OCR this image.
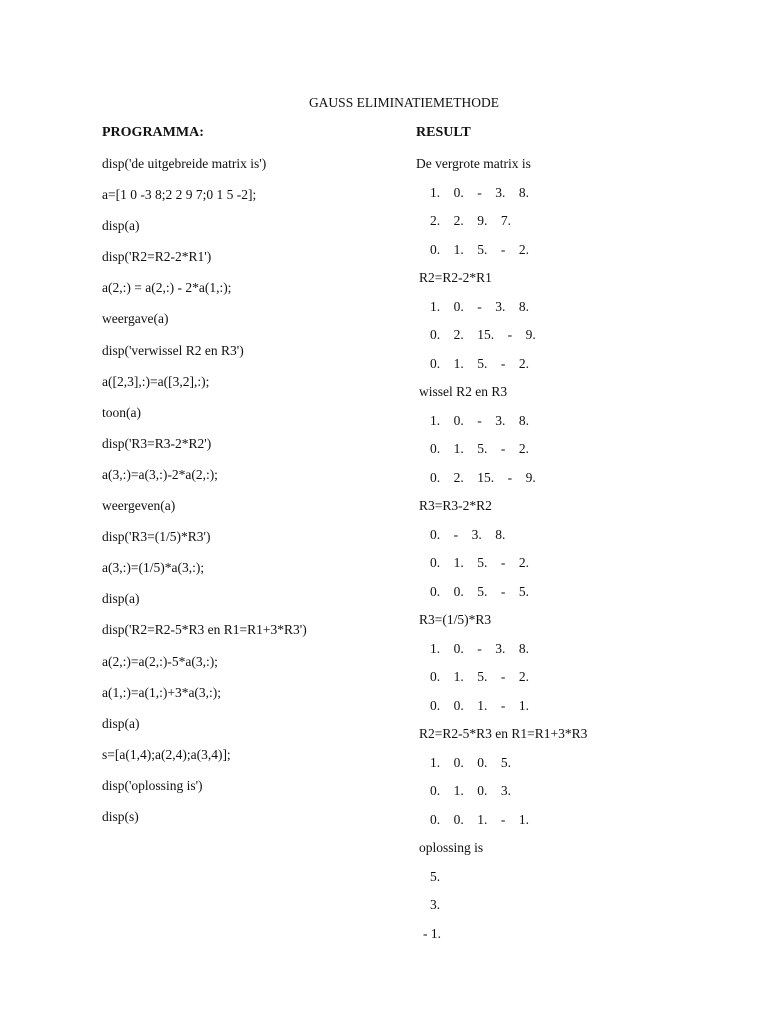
GAUSS ELIMINATIEMETHODE
PROGRAMMA:
disp('de uitgebreide matrix is')
a=[1 0 -3 8;2 2 9 7;0 1 5 -2];
disp(a)
disp('R2=R2-2*R1')
a(2,:) = a(2,:) - 2*a(1,:);
weergave(a)
disp('verwissel R2 en R3')
a([2,3],:)=a([3,2],:);
toon(a)
disp('R3=R3-2*R2')
a(3,:)=a(3,:)-2*a(2,:);
weergeven(a)
disp('R3=(1/5)*R3')
a(3,:)=(1/5)*a(3,:);
disp(a)
disp('R2=R2-5*R3 en R1=R1+3*R3')
a(2,:)=a(2,:)-5*a(3,:);
a(1,:)=a(1,:)+3*a(3,:);
disp(a)
s=[a(1,4);a(2,4);a(3,4)];
disp('oplossing is')
disp(s)
RESULT
De vergrote matrix is
1.    0.    -    3.    8.
2.    2.    9.    7.
0.    1.    5.    -    2.
R2=R2-2*R1
1.    0.    -    3.    8.
0.    2.    15.    -    9.
0.    1.    5.    -    2.
wissel R2 en R3
1.    0.    -    3.    8.
0.    1.    5.    -    2.
0.    2.    15.    -    9.
R3=R3-2*R2
0.    -    3.    8.
0.    1.    5.    -    2.
0.    0.    5.    -    5.
R3=(1/5)*R3
1.    0.    -    3.    8.
0.    1.    5.    -    2.
0.    0.    1.    -    1.
R2=R2-5*R3 en R1=R1+3*R3
1.    0.    0.    5.
0.    1.    0.    3.
0.    0.    1.    -    1.
oplossing is
5.
3.
- 1.
